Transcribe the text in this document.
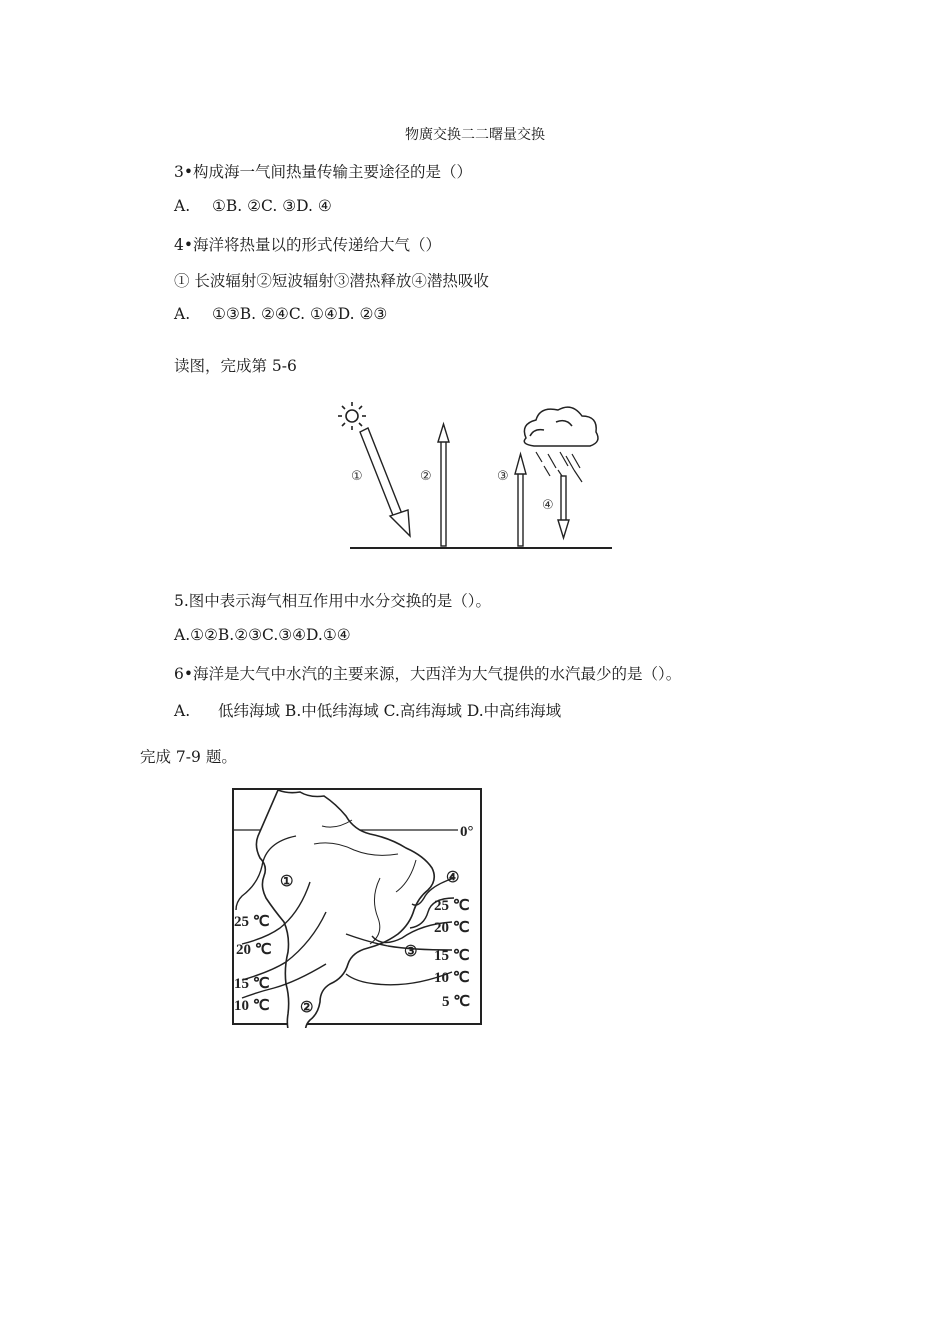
物廣交换二二曙量交换
3•构成海一气间热量传输主要途径的是（）
A. ①B. ②C. ③D. ④
4•海洋将热量以的形式传递给大气（）
① 长波辐射②短波辐射③潜热释放④潜热吸收
A. ①③B. ②④C. ①④D. ②③
读图，完成第 5-6
①	②	③
④
5.图中表示海气相互作用中水分交换的是（）。
A.①②B.②③C.③④D.①④
6•海洋是大气中水汽的主要来源，大西洋为大气提供的水汽最少的是（）。
A. 低纬海域 B.中低纬海域 C.高纬海域 D.中高纬海域
完成 7-9 题。
0°
①
②
③
④
25 ℃
20 ℃
15 ℃
10 ℃
25 ℃
20 ℃
15 ℃
10 ℃
5 ℃
